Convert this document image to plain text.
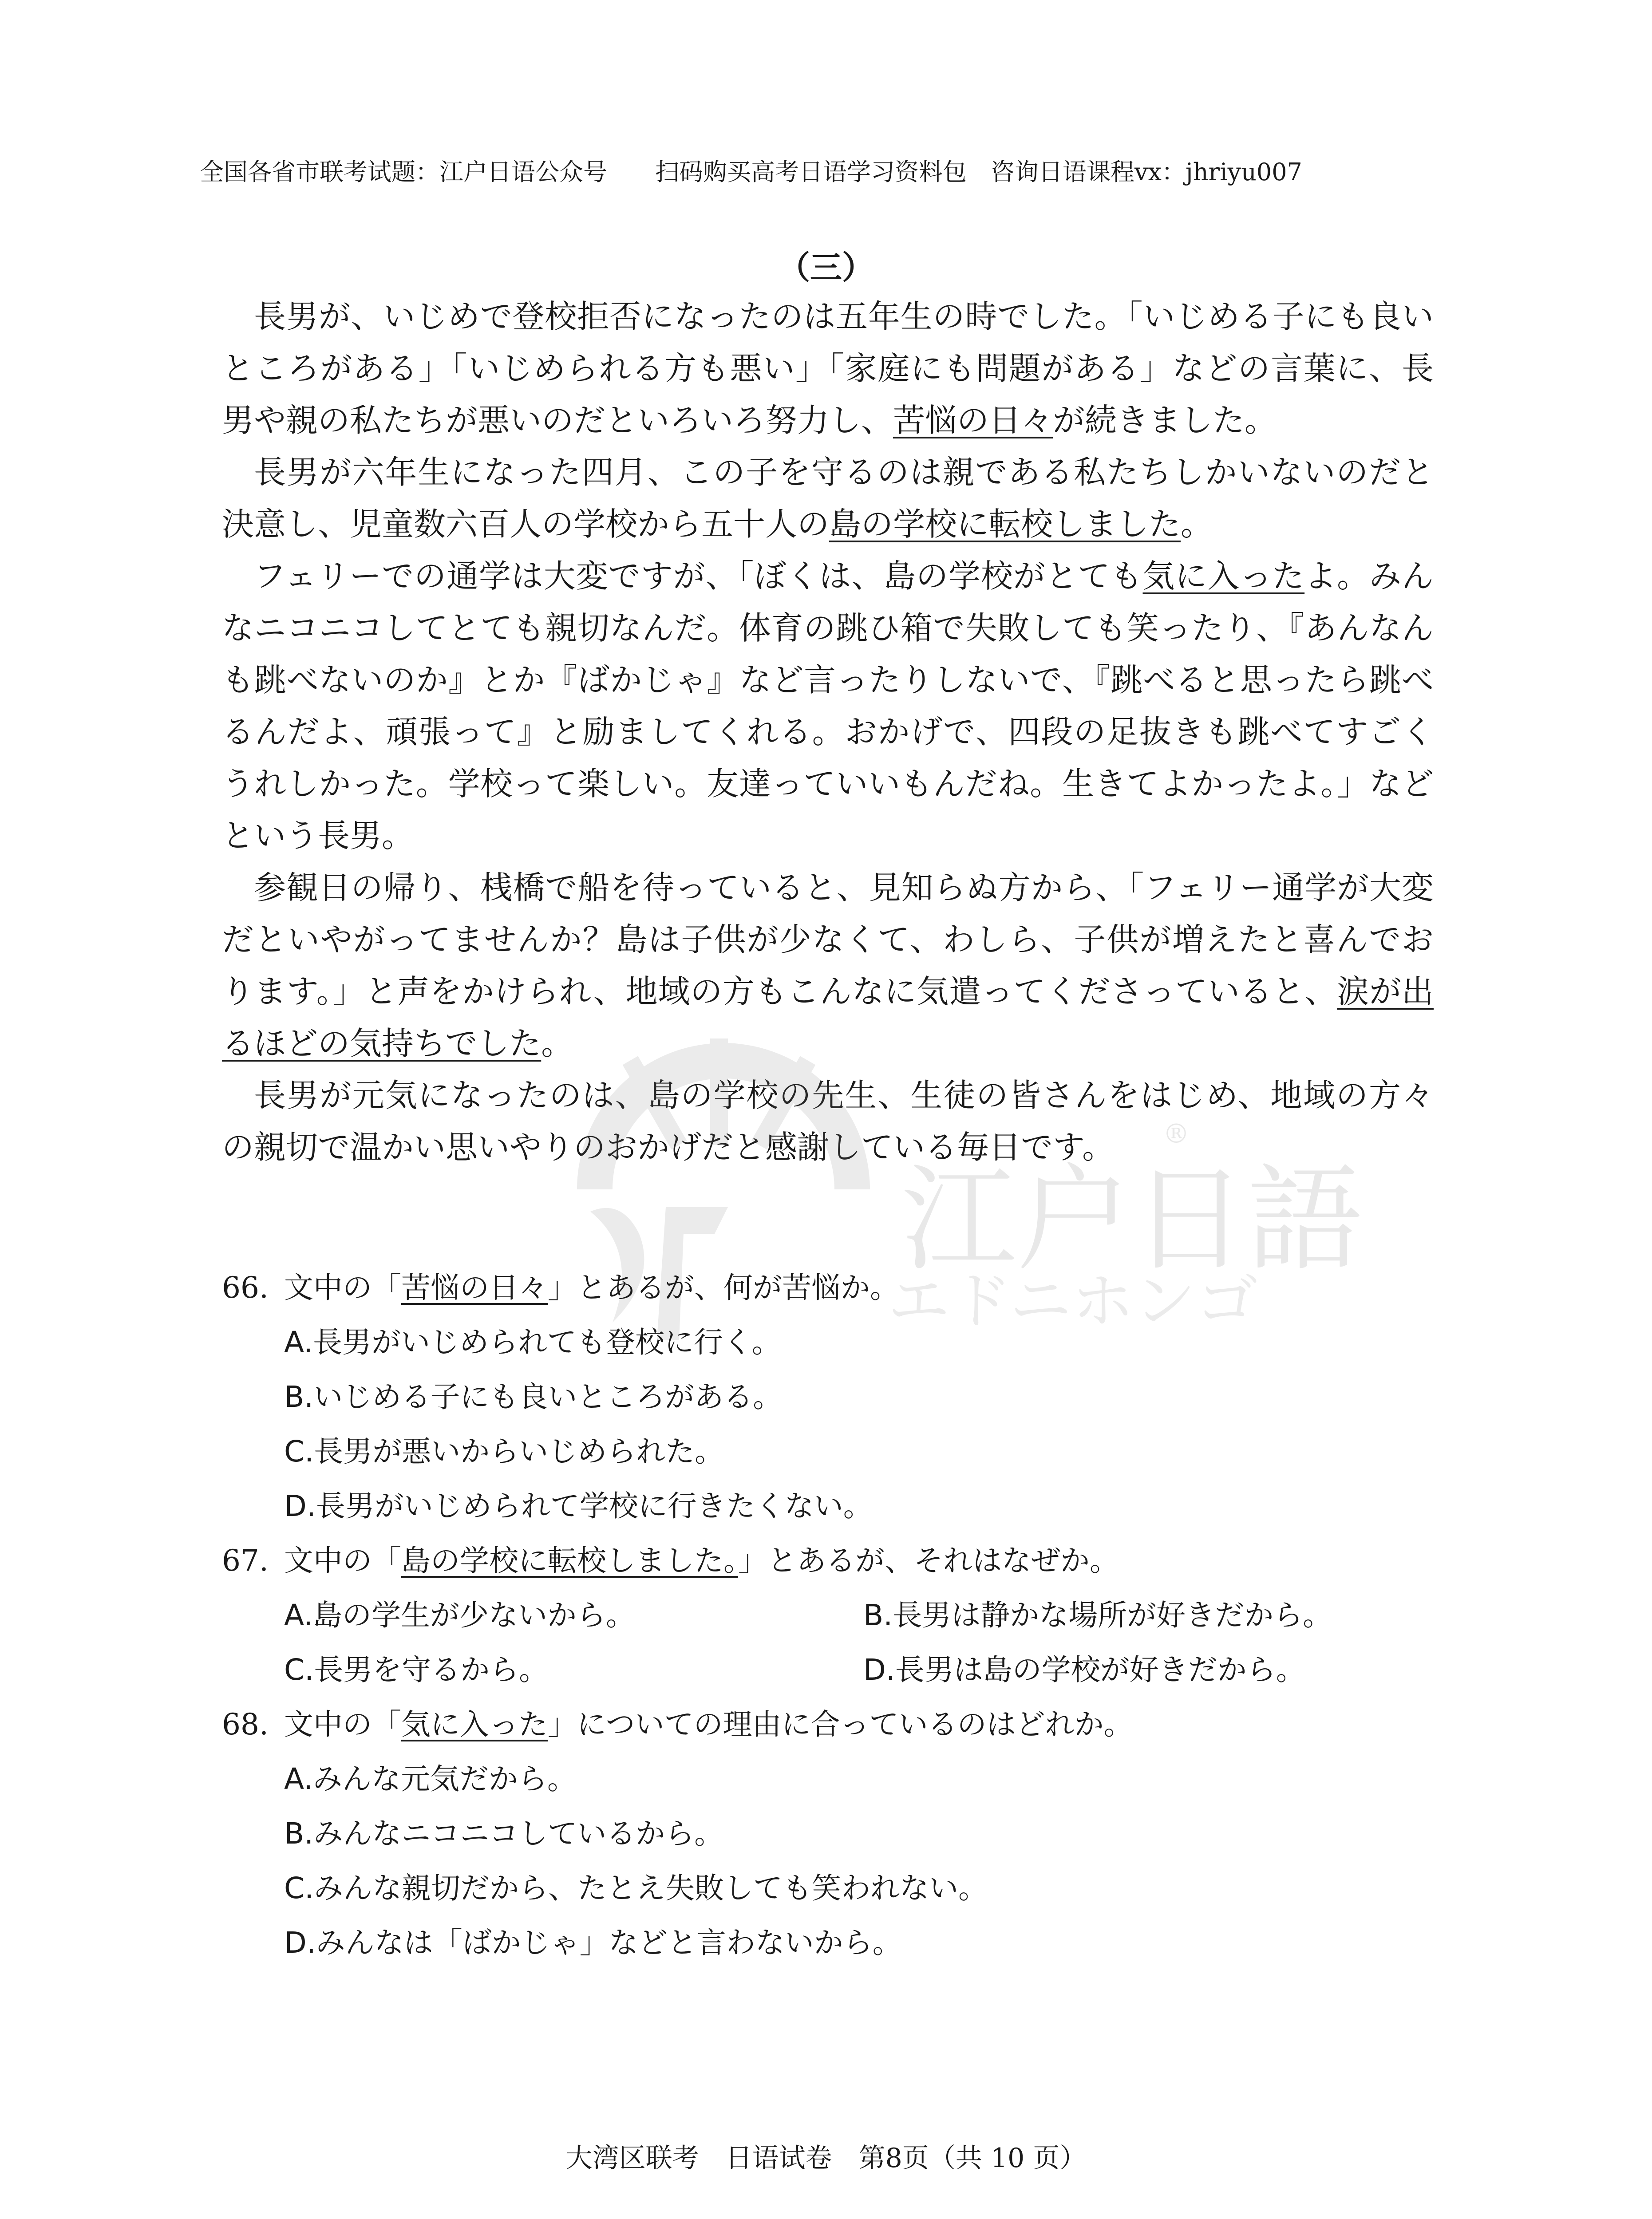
全国各省市联考试题：江户日语公众号　　扫码购买高考日语学习资料包　咨询日语课程vx：jhriyu007
（三）

長男が、いじめで登校拒否になったのは五年生の時でした。「いじめる子にも良いところがある」「いじめられる方も悪い」「家庭にも問題がある」などの言葉に、長男や親の私たちが悪いのだといろいろ努力し、苦悩の日々が続きました。

長男が六年生になった四月、この子を守るのは親である私たちしかいないのだと決意し、児童数六百人の学校から五十人の島の学校に転校しました。

フェリーでの通学は大変ですが、「ぼくは、島の学校がとても気に入ったよ。みんなニコニコしてとても親切なんだ。体育の跳ひ箱で失敗しても笑ったり、『あんなんも跳べないのか』とか『ばかじゃ』など言ったりしないで、『跳べると思ったら跳べるんだよ、頑張って』と励ましてくれる。おかげで、四段の足抜きも跳べてすごくうれしかった。学校って楽しい。友達っていいもんだね。生きてよかったよ。」などという長男。

参観日の帰り、桟橋で船を待っていると、見知らぬ方から、「フェリー通学が大変だといやがってませんか？島は子供が少なくて、わしら、子供が増えたと喜んでおります。」と声をかけられ、地域の方もこんなに気遣ってくださっていると、涙が出るほどの気持ちでした。

長男が元気になったのは、島の学校の先生、生徒の皆さんをはじめ、地域の方々の親切で温かい思いやりのおかげだと感謝している毎日です。

江户日語
®
エドニホンゴ
66. 文中の「苦悩の日々」とあるが、何が苦悩か。
A.長男がいじめられても登校に行く。
B.いじめる子にも良いところがある。
C.長男が悪いからいじめられた。
D.長男がいじめられて学校に行きたくない。
67. 文中の「島の学校に転校しました。」とあるが、それはなぜか。
A.島の学生が少ないから。	B.長男は静かな場所が好きだから。
C.長男を守るから。	D.長男は島の学校が好きだから。
68. 文中の「気に入った」についての理由に合っているのはどれか。
A.みんな元気だから。
B.みんなニコニコしているから。
C.みんな親切だから、たとえ失敗しても笑われない。
D.みんなは「ばかじゃ」などと言わないから。
大湾区联考　日语试卷　第8页（共 10 页）
